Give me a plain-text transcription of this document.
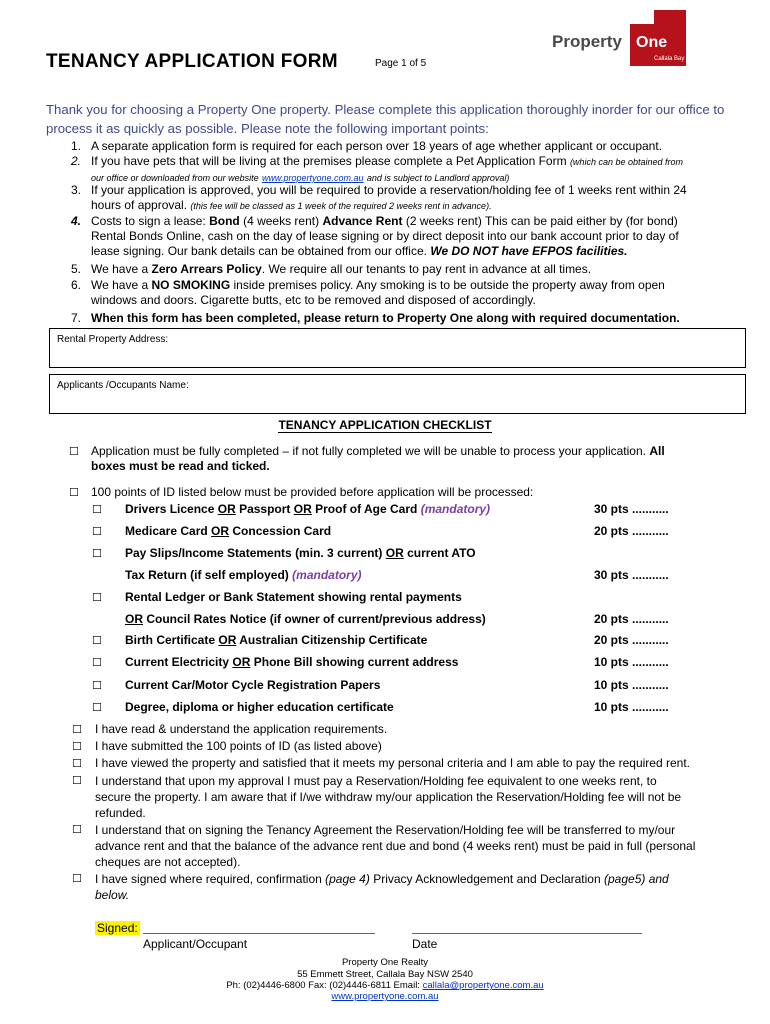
TENANCY APPLICATION FORM	Page 1 of 5
Property One
Callala Bay
Thank you for choosing a Property One property. Please complete this application thoroughly inorder for our office to process it as quickly as possible. Please note the following important points:
1. A separate application form is required for each person over 18 years of age whether applicant or occupant.
2. If you have pets that will be living at the premises please complete a Pet Application Form (which can be obtained from
our office or downloaded from our website www.propertyone.com.au and is subject to Landlord approval)
3. If your application is approved, you will be required to provide a reservation/holding fee of 1 weeks rent within 24
hours of approval. (this fee will be classed as 1 week of the required 2 weeks rent in advance).
4. Costs to sign a lease: Bond (4 weeks rent) Advance Rent (2 weeks rent) This can be paid either by (for bond)
Rental Bonds Online, cash on the day of lease signing or by direct deposit into our bank account prior to day of
lease signing. Our bank details can be obtained from our office. We DO NOT have EFPOS facilities.
5. We have a Zero Arrears Policy. We require all our tenants to pay rent in advance at all times.
6. We have a NO SMOKING inside premises policy. Any smoking is to be outside the property away from open
windows and doors. Cigarette butts, etc to be removed and disposed of accordingly.
7. When this form has been completed, please return to Property One along with required documentation.
Rental Property Address:
Applicants /Occupants Name:
TENANCY APPLICATION CHECKLIST
☐ Application must be fully completed – if not fully completed we will be unable to process your application. All
boxes must be read and ticked.
☐ 100 points of ID listed below must be provided before application will be processed:
☐ Drivers Licence OR Passport OR Proof of Age Card (mandatory)	30 pts ...........
☐ Medicare Card OR Concession Card	20 pts ...........
☐ Pay Slips/Income Statements (min. 3 current) OR current ATO
Tax Return (if self employed) (mandatory)	30 pts ...........
☐ Rental Ledger or Bank Statement showing rental payments
OR Council Rates Notice (if owner of current/previous address)	20 pts ...........
☐ Birth Certificate OR Australian Citizenship Certificate	20 pts ...........
☐ Current Electricity OR Phone Bill showing current address	10 pts ...........
☐ Current Car/Motor Cycle Registration Papers	10 pts ...........
☐ Degree, diploma or higher education certificate	10 pts ...........
☐ I have read & understand the application requirements.
☐ I have submitted the 100 points of ID (as listed above)
☐ I have viewed the property and satisfied that it meets my personal criteria and I am able to pay the required rent.
☐ I understand that upon my approval I must pay a Reservation/Holding fee equivalent to one weeks rent, to
secure the property. I am aware that if I/we withdraw my/our application the Reservation/Holding fee will not be
refunded.
☐ I understand that on signing the Tenancy Agreement the Reservation/Holding fee will be transferred to my/our
advance rent and that the balance of the advance rent due and bond (4 weeks rent) must be paid in full (personal
cheques are not accepted).
☐ I have signed where required, confirmation (page 4) Privacy Acknowledgement and Declaration (page5) and
below.
Signed:
Applicant/Occupant	Date
Property One Realty
55 Emmett Street, Callala Bay NSW 2540
Ph: (02)4446-6800 Fax: (02)4446-6811 Email: callala@propertyone.com.au
www.propertyone.com.au
